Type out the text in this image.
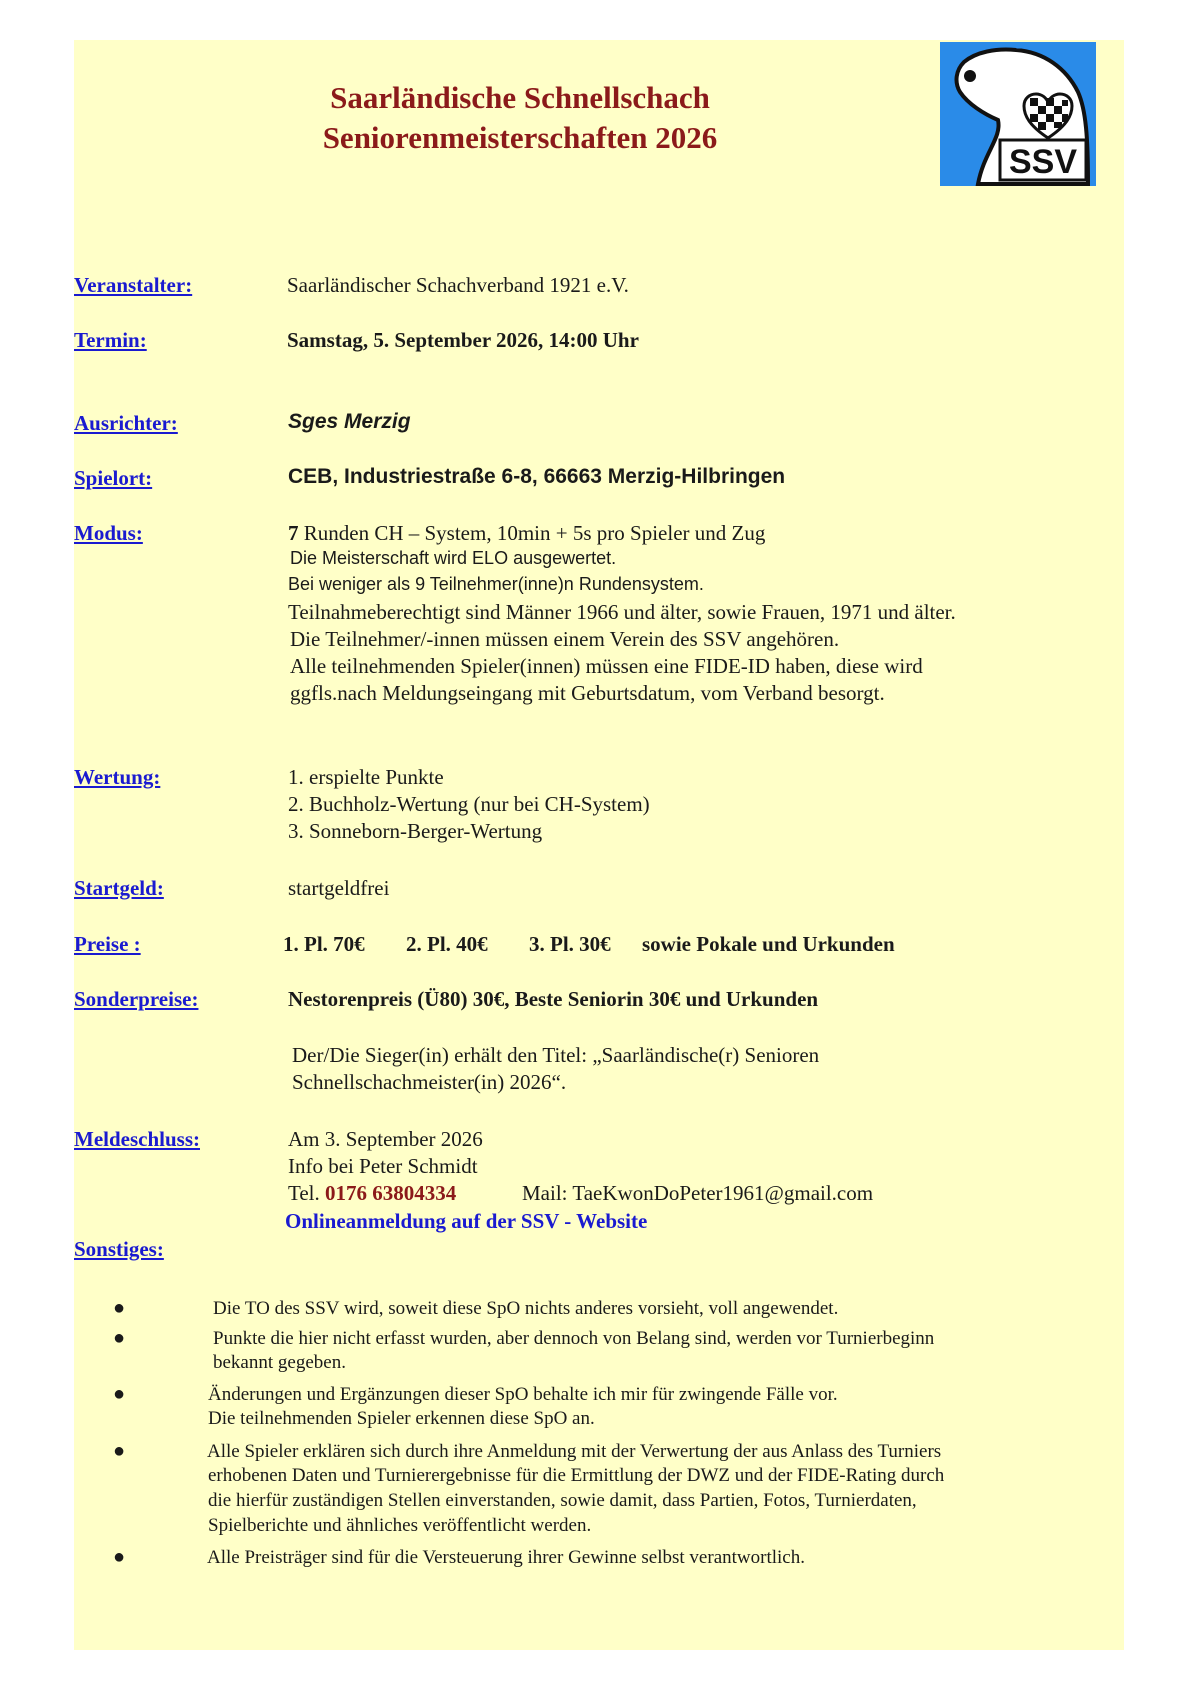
Saarländische Schnellschach
Seniorenmeisterschaften 2026
SSV
Veranstalter:	Saarländischer Schachverband 1921 e.V.
Termin:	Samstag, 5. September 2026, 14:00 Uhr
Ausrichter:	Sges Merzig
Spielort:	CEB, Industriestraße 6-8, 66663 Merzig-Hilbringen
Modus:	7 Runden CH – System, 10min + 5s pro Spieler und Zug
Die Meisterschaft wird ELO ausgewertet.
Bei weniger als 9 Teilnehmer(inne)n Rundensystem.
Teilnahmeberechtigt sind Männer 1966 und älter, sowie Frauen, 1971 und älter.
Die Teilnehmer/-innen müssen einem Verein des SSV angehören.
Alle teilnehmenden Spieler(innen) müssen eine FIDE-ID haben, diese wird
ggfls.nach Meldungseingang mit Geburtsdatum, vom Verband besorgt.
Wertung:	1. erspielte Punkte
2. Buchholz-Wertung (nur bei CH-System)
3. Sonneborn-Berger-Wertung
Startgeld:	startgeldfrei
Preise :	1. Pl. 70€ 2. Pl. 40€ 3. Pl. 30€ sowie Pokale und Urkunden
Sonderpreise:	Nestorenpreis (Ü80) 30€, Beste Seniorin 30€ und Urkunden
Der/Die Sieger(in) erhält den Titel: „Saarländische(r) Senioren
Schnellschachmeister(in) 2026“.
Meldeschluss:	Am 3. September 2026
Info bei Peter Schmidt
Tel. 0176 63804334	Mail: TaeKwonDoPeter1961@gmail.com
Onlineanmeldung auf der SSV - Website
Sonstiges:
●	Die TO des SSV wird, soweit diese SpO nichts anderes vorsieht, voll angewendet.
●	Punkte die hier nicht erfasst wurden, aber dennoch von Belang sind, werden vor Turnierbeginn
bekannt gegeben.
●	Änderungen und Ergänzungen dieser SpO behalte ich mir für zwingende Fälle vor.
Die teilnehmenden Spieler erkennen diese SpO an.
●	Alle Spieler erklären sich durch ihre Anmeldung mit der Verwertung der aus Anlass des Turniers
erhobenen Daten und Turnierergebnisse für die Ermittlung der DWZ und der FIDE-Rating durch
die hierfür zuständigen Stellen einverstanden, sowie damit, dass Partien, Fotos, Turnierdaten,
Spielberichte und ähnliches veröffentlicht werden.
●	Alle Preisträger sind für die Versteuerung ihrer Gewinne selbst verantwortlich.
